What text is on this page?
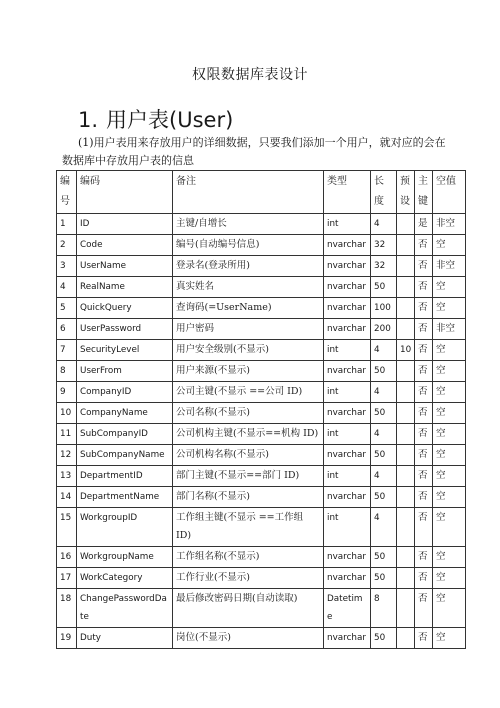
权限数据库表设计
1. 用户表(User)
(1)用户表用来存放用户的详细数据，只要我们添加一个用户，就对应的会在
数据库中存放用户表的信息
编号	编码	备注	类型	长度	预设	主键	空值
1	ID	主键/自增长	int	4		是	非空
2	Code	编号(自动编号信息)	nvarchar	32		否	空
3	UserName	登录名(登录所用)	nvarchar	32		否	非空
4	RealName	真实姓名	nvarchar	50		否	空
5	QuickQuery	查询码(=UserName)	nvarchar	100		否	空
6	UserPassword	用户密码	nvarchar	200		否	非空
7	SecurityLevel	用户安全级别(不显示)	int	4	10	否	空
8	UserFrom	用户来源(不显示)	nvarchar	50		否	空
9	CompanyID	公司主键(不显示 ==公司 ID)	int	4		否	空
10	CompanyName	公司名称(不显示)	nvarchar	50		否	空
11	SubCompanyID	公司机构主键(不显示==机构 ID)	int	4		否	空
12	SubCompanyName	公司机构名称(不显示)	nvarchar	50		否	空
13	DepartmentID	部门主键(不显示==部门 ID)	int	4		否	空
14	DepartmentName	部门名称(不显示)	nvarchar	50		否	空
15	WorkgroupID	工作组主键(不显示 ==工作组 ID)	int	4		否	空
16	WorkgroupName	工作组名称(不显示)	nvarchar	50		否	空
17	WorkCategory	工作行业(不显示)	nvarchar	50		否	空
18	ChangePasswordDate	最后修改密码日期(自动读取)	Datetime	8		否	空
19	Duty	岗位(不显示)	nvarchar	50		否	空
